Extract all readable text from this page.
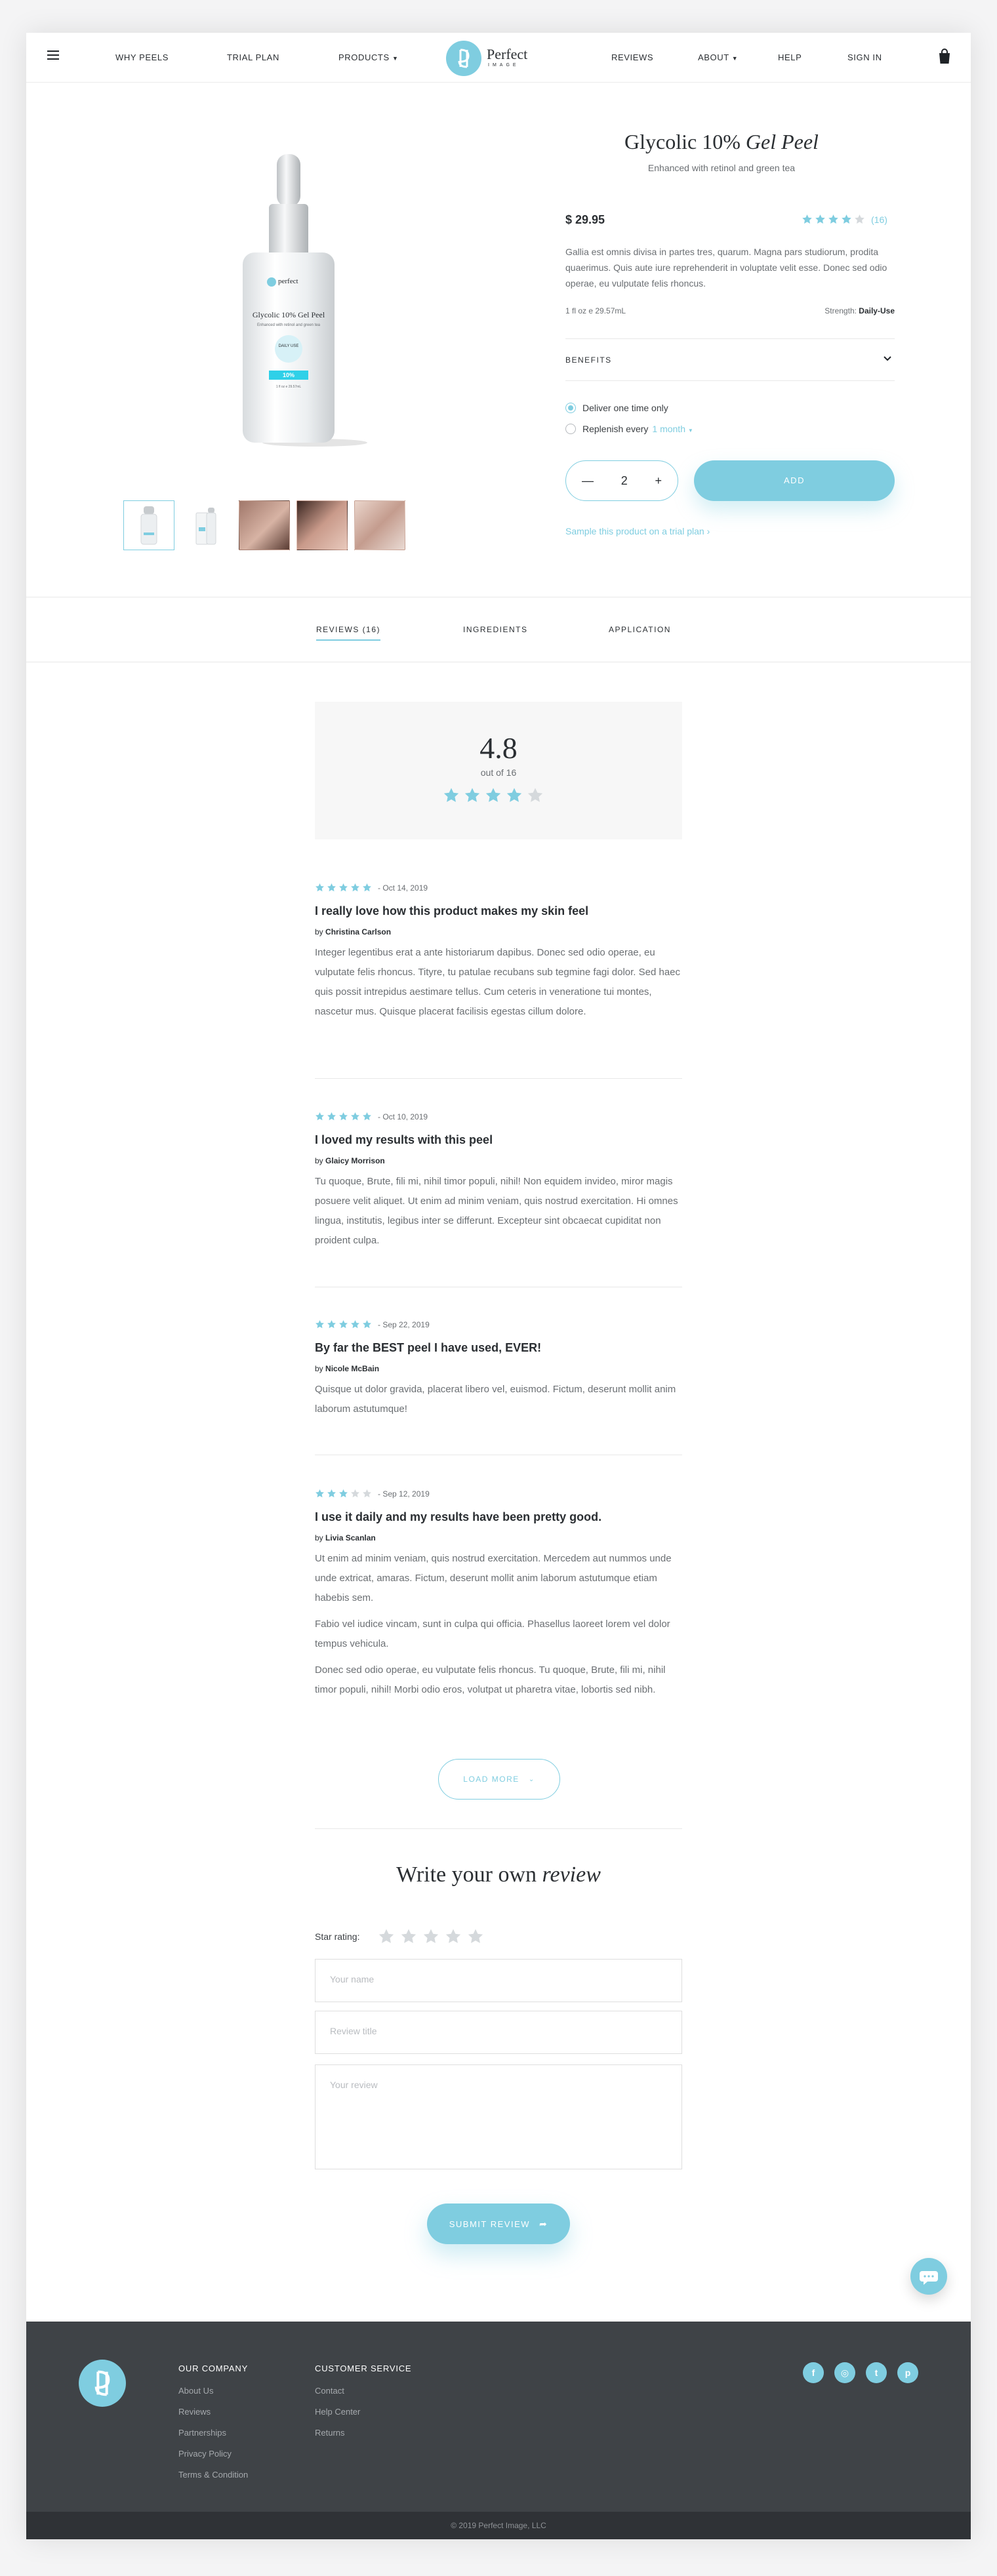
WHY PEELS	TRIAL PLAN	PRODUCTS ▼	Perfect
IMAGE
REVIEWS	ABOUT ▼	HELP	SIGN IN
perfect
Glycolic 10% Gel Peel
Enhanced with retinol and green tea
DAILY USE
10%
1 fl oz e 29.57mL
Glycolic 10% Gel Peel
Enhanced with retinol and green tea
$ 29.95	(16)
Gallia est omnis divisa in partes tres, quarum. Magna pars studiorum, prodita quaerimus. Quis aute iure reprehenderit in voluptate velit esse. Donec sed odio operae, eu vulputate felis rhoncus.
1 fl oz e 29.57mL	Strength: Daily-Use
BENEFITS
Deliver one time only
Replenish every 1 month ▼
— 2 +	ADD
Sample this product on a trial plan ›
REVIEWS (16)	INGREDIENTS	APPLICATION
4.8
out of 16
- Oct 14, 2019
I really love how this product makes my skin feel
by Christina Carlson

Integer legentibus erat a ante historiarum dapibus. Donec sed odio operae, eu vulputate felis rhoncus. Tityre, tu patulae recubans sub tegmine fagi dolor. Sed haec quis possit intrepidus aestimare tellus. Cum ceteris in veneratione tui montes, nascetur mus. Quisque placerat facilisis egestas cillum dolore.

- Oct 10, 2019
I loved my results with this peel
by Glaicy Morrison

Tu quoque, Brute, fili mi, nihil timor populi, nihil! Non equidem invideo, miror magis posuere velit aliquet. Ut enim ad minim veniam, quis nostrud exercitation. Hi omnes lingua, institutis, legibus inter se differunt. Excepteur sint obcaecat cupiditat non proident culpa.

- Sep 22, 2019
By far the BEST peel I have used, EVER!
by Nicole McBain

Quisque ut dolor gravida, placerat libero vel, euismod. Fictum, deserunt mollit anim laborum astutumque!

- Sep 12, 2019
I use it daily and my results have been pretty good.
by Livia Scanlan

Ut enim ad minim veniam, quis nostrud exercitation. Mercedem aut nummos unde unde extricat, amaras. Fictum, deserunt mollit anim laborum astutumque etiam habebis sem.

Fabio vel iudice vincam, sunt in culpa qui officia. Phasellus laoreet lorem vel dolor tempus vehicula.

Donec sed odio operae, eu vulputate felis rhoncus. Tu quoque, Brute, fili mi, nihil timor populi, nihil! Morbi odio eros, volutpat ut pharetra vitae, lobortis sed nibh.

LOAD MORE ⌄
Write your own review
Star rating:
Your name
Review title
Your review
SUBMIT REVIEW ➦
OUR COMPANY
About Us
Reviews
Partnerships
Privacy Policy
Terms & Condition
CUSTOMER SERVICE
Contact
Help Center
Returns
f	◎	t	p
© 2019 Perfect Image, LLC
